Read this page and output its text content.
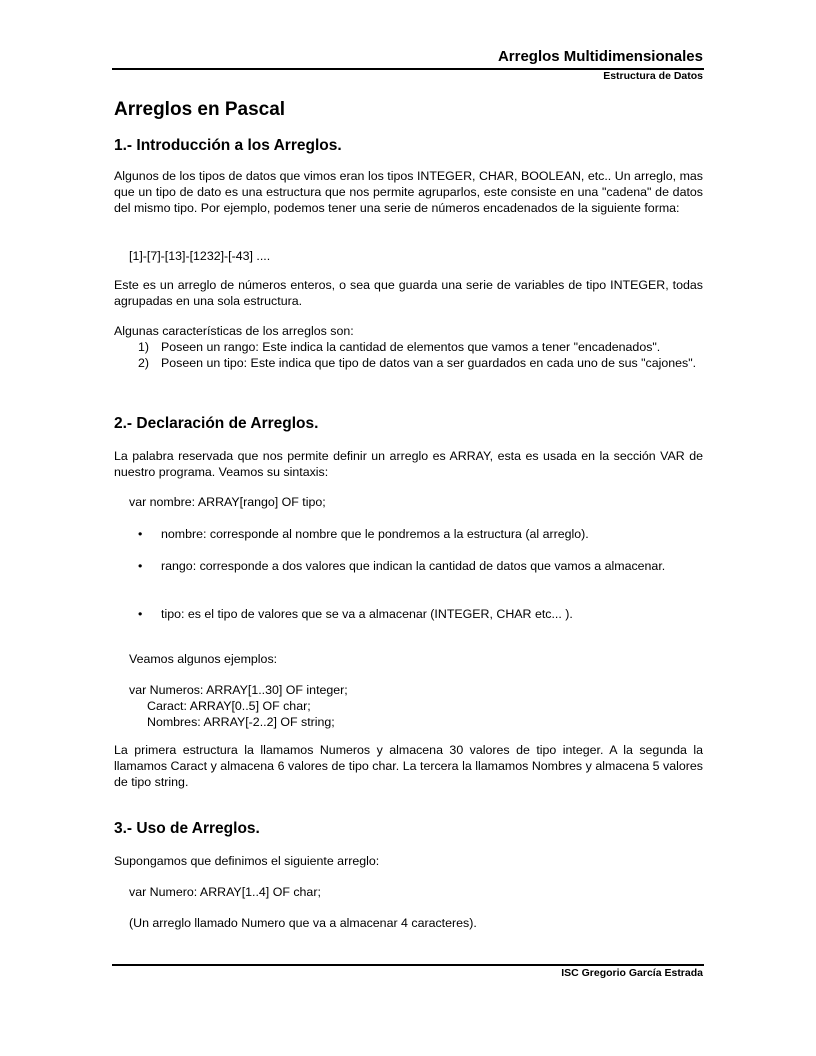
Arreglos Multidimensionales
Estructura de Datos
Arreglos en Pascal
1.- Introducción a los Arreglos.

Algunos de los tipos de datos que vimos eran los tipos INTEGER, CHAR, BOOLEAN, etc.. Un arreglo, mas que un tipo de dato es una estructura que nos permite agruparlos, este consiste en una "cadena" de datos del mismo tipo. Por ejemplo, podemos tener una serie de números encadenados de la siguiente forma:

[1]-[7]-[13]-[1232]-[-43] ....

Este es un arreglo de números enteros, o sea que guarda una serie de variables de tipo INTEGER, todas agrupadas en una sola estructura.

Algunas características de los arreglos son:
1) Poseen un rango: Este indica la cantidad de elementos que vamos a tener "encadenados".
2) Poseen un tipo: Este indica que tipo de datos van a ser guardados en cada uno de sus "cajones".
2.- Declaración de Arreglos.

La palabra reservada que nos permite definir un arreglo es ARRAY, esta es usada en la sección VAR de nuestro programa. Veamos su sintaxis:

var nombre: ARRAY[rango] OF tipo;
• nombre: corresponde al nombre que le pondremos a la estructura (al arreglo).
• rango: corresponde a dos valores que indican la cantidad de datos que vamos a almacenar.
• tipo: es el tipo de valores que se va a almacenar (INTEGER, CHAR etc... ).
Veamos algunos ejemplos:
var Numeros: ARRAY[1..30] OF integer;
Caract: ARRAY[0..5] OF char;
Nombres: ARRAY[-2..2] OF string;

La primera estructura la llamamos Numeros y almacena 30 valores de tipo integer. A la segunda la llamamos Caract y almacena 6 valores de tipo char. La tercera la llamamos Nombres y almacena 5 valores de tipo string.

3.- Uso de Arreglos.
Supongamos que definimos el siguiente arreglo:
var Numero: ARRAY[1..4] OF char;
(Un arreglo llamado Numero que va a almacenar 4 caracteres).
ISC Gregorio García Estrada
